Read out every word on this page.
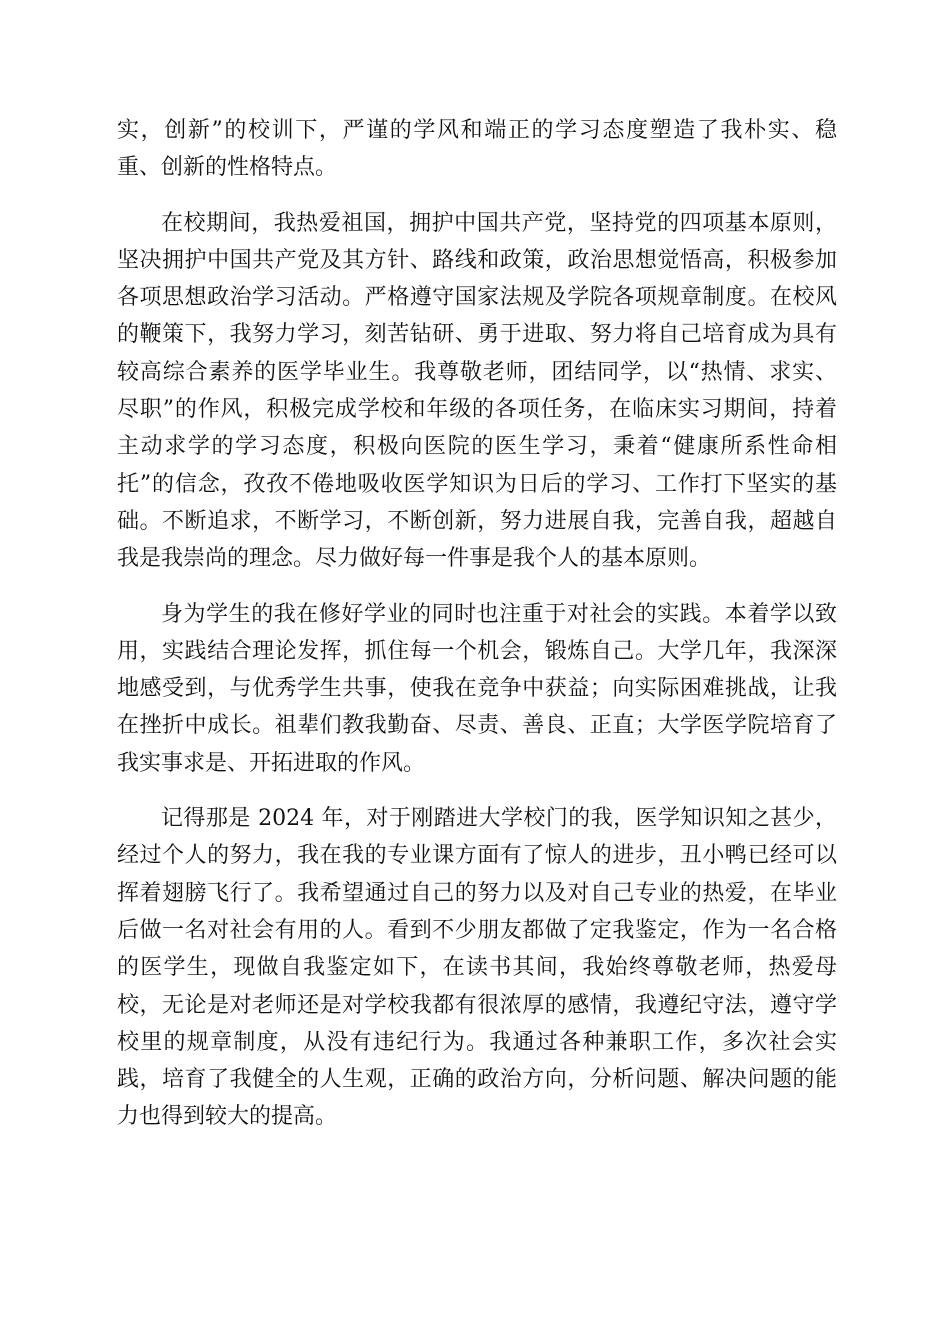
实，创新”的校训下，严谨的学风和端正的学习态度塑造了我朴实、稳
重、创新的性格特点。
在校期间，我热爱祖国，拥护中国共产党，坚持党的四项基本原则，
坚决拥护中国共产党及其方针、路线和政策，政治思想觉悟高，积极参加
各项思想政治学习活动。严格遵守国家法规及学院各项规章制度。在校风
的鞭策下，我努力学习，刻苦钻研、勇于进取、努力将自己培育成为具有
较高综合素养的医学毕业生。我尊敬老师，团结同学，以“热情、求实、
尽职”的作风，积极完成学校和年级的各项任务，在临床实习期间，持着
主动求学的学习态度，积极向医院的医生学习，秉着“健康所系性命相
托”的信念，孜孜不倦地吸收医学知识为日后的学习、工作打下坚实的基
础。不断追求，不断学习，不断创新，努力进展自我，完善自我，超越自
我是我崇尚的理念。尽力做好每一件事是我个人的基本原则。
身为学生的我在修好学业的同时也注重于对社会的实践。本着学以致
用，实践结合理论发挥，抓住每一个机会，锻炼自己。大学几年，我深深
地感受到，与优秀学生共事，使我在竞争中获益；向实际困难挑战，让我
在挫折中成长。祖辈们教我勤奋、尽责、善良、正直；大学医学院培育了
我实事求是、开拓进取的作风。
记得那是 2024 年，对于刚踏进大学校门的我，医学知识知之甚少，
经过个人的努力，我在我的专业课方面有了惊人的进步，丑小鸭已经可以
挥着翅膀飞行了。我希望通过自己的努力以及对自己专业的热爱，在毕业
后做一名对社会有用的人。看到不少朋友都做了定我鉴定，作为一名合格
的医学生，现做自我鉴定如下，在读书其间，我始终尊敬老师，热爱母
校，无论是对老师还是对学校我都有很浓厚的感情，我遵纪守法，遵守学
校里的规章制度，从没有违纪行为。我通过各种兼职工作，多次社会实
践，培育了我健全的人生观，正确的政治方向，分析问题、解决问题的能
力也得到较大的提高。
